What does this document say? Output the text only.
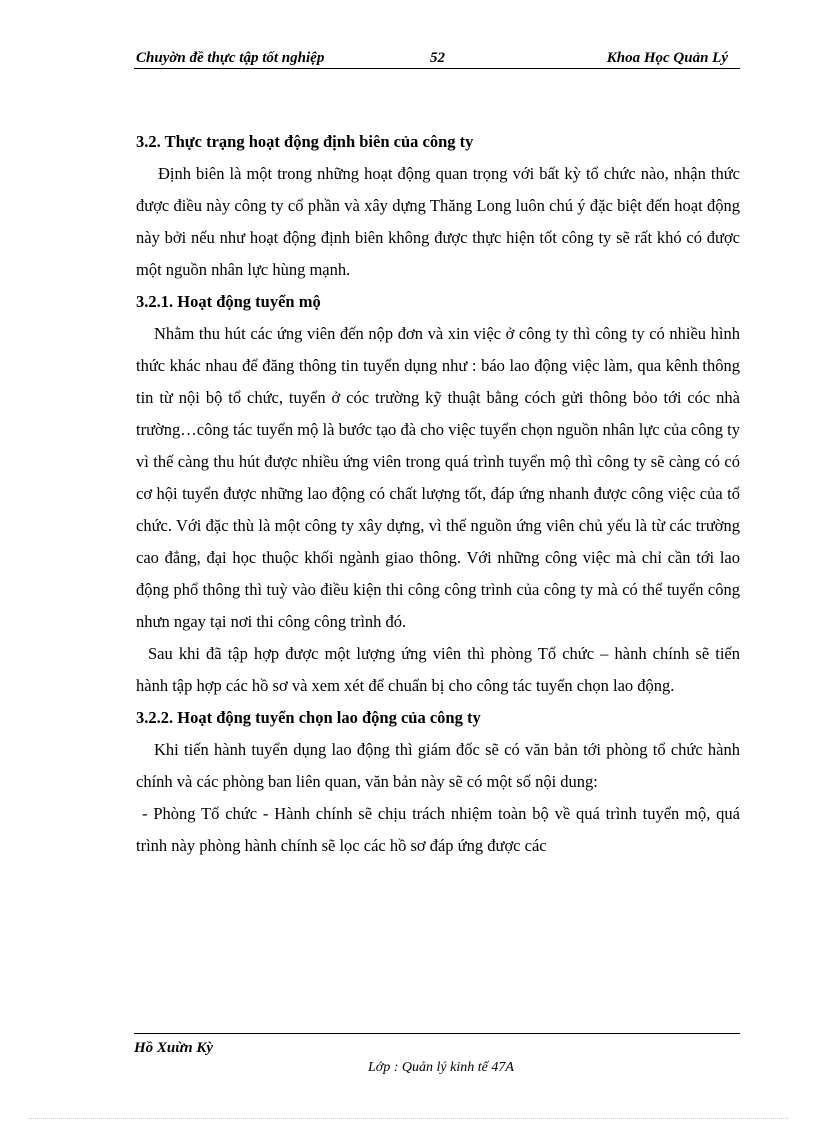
Chuyờn đề thực tập tốt nghiệp	52	Khoa Học Quản Lý
3.2. Thực trạng hoạt động định biên của công ty

Định biên là một trong những hoạt động quan trọng với bất kỳ tổ chức nào, nhận thức được điều này công ty cổ phần và xây dựng Thăng Long luôn chú ý đặc biệt đến hoạt động này bởi nếu như hoạt động định biên không được thực hiện tốt công ty sẽ rất khó có được một nguồn nhân lực hùng mạnh.

3.2.1. Hoạt động tuyển mộ

Nhằm thu hút các ứng viên đến nộp đơn và xin việc ở công ty thì công ty có nhiều hình thức khác nhau để đăng thông tin tuyển dụng như : báo lao động việc làm, qua kênh thông tin từ nội bộ tổ chức, tuyển ở cóc trường kỹ thuật bằng cóch gửi thông bỏo tới cóc nhà trường…công tác tuyển mộ là bước tạo đà cho việc tuyển chọn nguồn nhân lực của công ty vì thế càng thu hút được nhiều ứng viên trong quá trình tuyển mộ thì công ty sẽ càng có có cơ hội tuyển được những lao động có chất lượng tốt, đáp ứng nhanh được công việc của tổ chức. Với đặc thù là một công ty xây dựng, vì thế nguồn ứng viên chủ yếu là từ các trường cao đẳng, đại học thuộc khối ngành giao thông. Với những công việc mà chỉ cần tới lao động phổ thông thì tuỳ vào điều kiện thi công công trình của công ty mà có thể tuyển công nhưn ngay tại nơi thi công công trình đó.

Sau khi đã tập hợp được một lượng ứng viên thì phòng Tổ chức – hành chính sẽ tiến hành tập hợp các hồ sơ và xem xét để chuẩn bị cho công tác tuyển chọn lao động.

3.2.2. Hoạt động tuyển chọn lao động của công ty

Khi tiến hành tuyển dụng lao động thì giám đốc sẽ có văn bản tới phòng tổ chức hành chính và các phòng ban liên quan, văn bản này sẽ có một số nội dung:

- Phòng Tổ chức - Hành chính sẽ chịu trách nhiệm toàn bộ về quá trình tuyển mộ, quá trình này phòng hành chính sẽ lọc các hồ sơ đáp ứng được các

Hồ Xuừn Kỳ
Lớp : Quản lý kinh tế 47A
